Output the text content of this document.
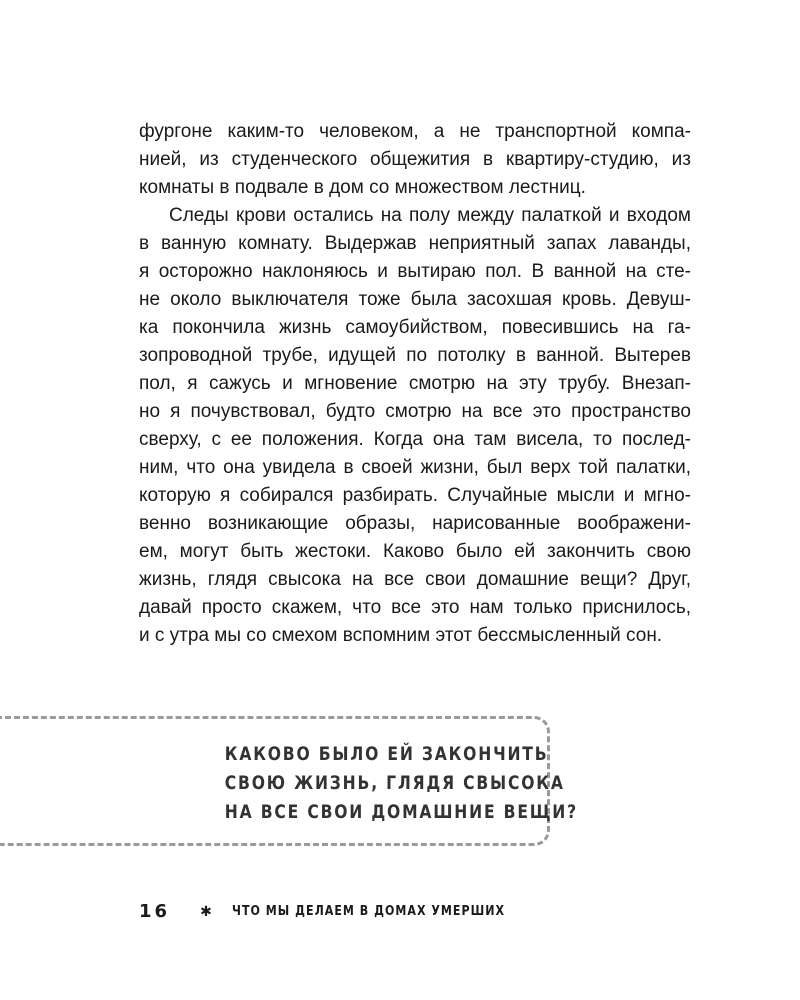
фургоне каким-то человеком, а не транспортной компа-
нией, из студенческого общежития в квартиру-студию, из
комнаты в подвале в дом со множеством лестниц.
Следы крови остались на полу между палаткой и входом
в ванную комнату. Выдержав неприятный запах лаванды,
я осторожно наклоняюсь и вытираю пол. В ванной на сте-
не около выключателя тоже была засохшая кровь. Девуш-
ка покончила жизнь самоубийством, повесившись на га-
зопроводной трубе, идущей по потолку в ванной. Вытерев
пол, я сажусь и мгновение смотрю на эту трубу. Внезап-
но я почувствовал, будто смотрю на все это пространство
сверху, с ее положения. Когда она там висела, то послед-
ним, что она увидела в своей жизни, был верх той палатки,
которую я собирался разбирать. Случайные мысли и мгно-
венно возникающие образы, нарисованные воображени-
ем, могут быть жестоки. Каково было ей закончить свою
жизнь, глядя свысока на все свои домашние вещи? Друг,
давай просто скажем, что все это нам только приснилось,
и с утра мы со смехом вспомним этот бессмысленный сон.
КАКОВО БЫЛО ЕЙ ЗАКОНЧИТЬ
СВОЮ ЖИЗНЬ, ГЛЯДЯ СВЫСОКА
НА ВСЕ СВОИ ДОМАШНИЕ ВЕЩИ?
16 ✱ ЧТО МЫ ДЕЛАЕМ В ДОМАХ УМЕРШИХ
